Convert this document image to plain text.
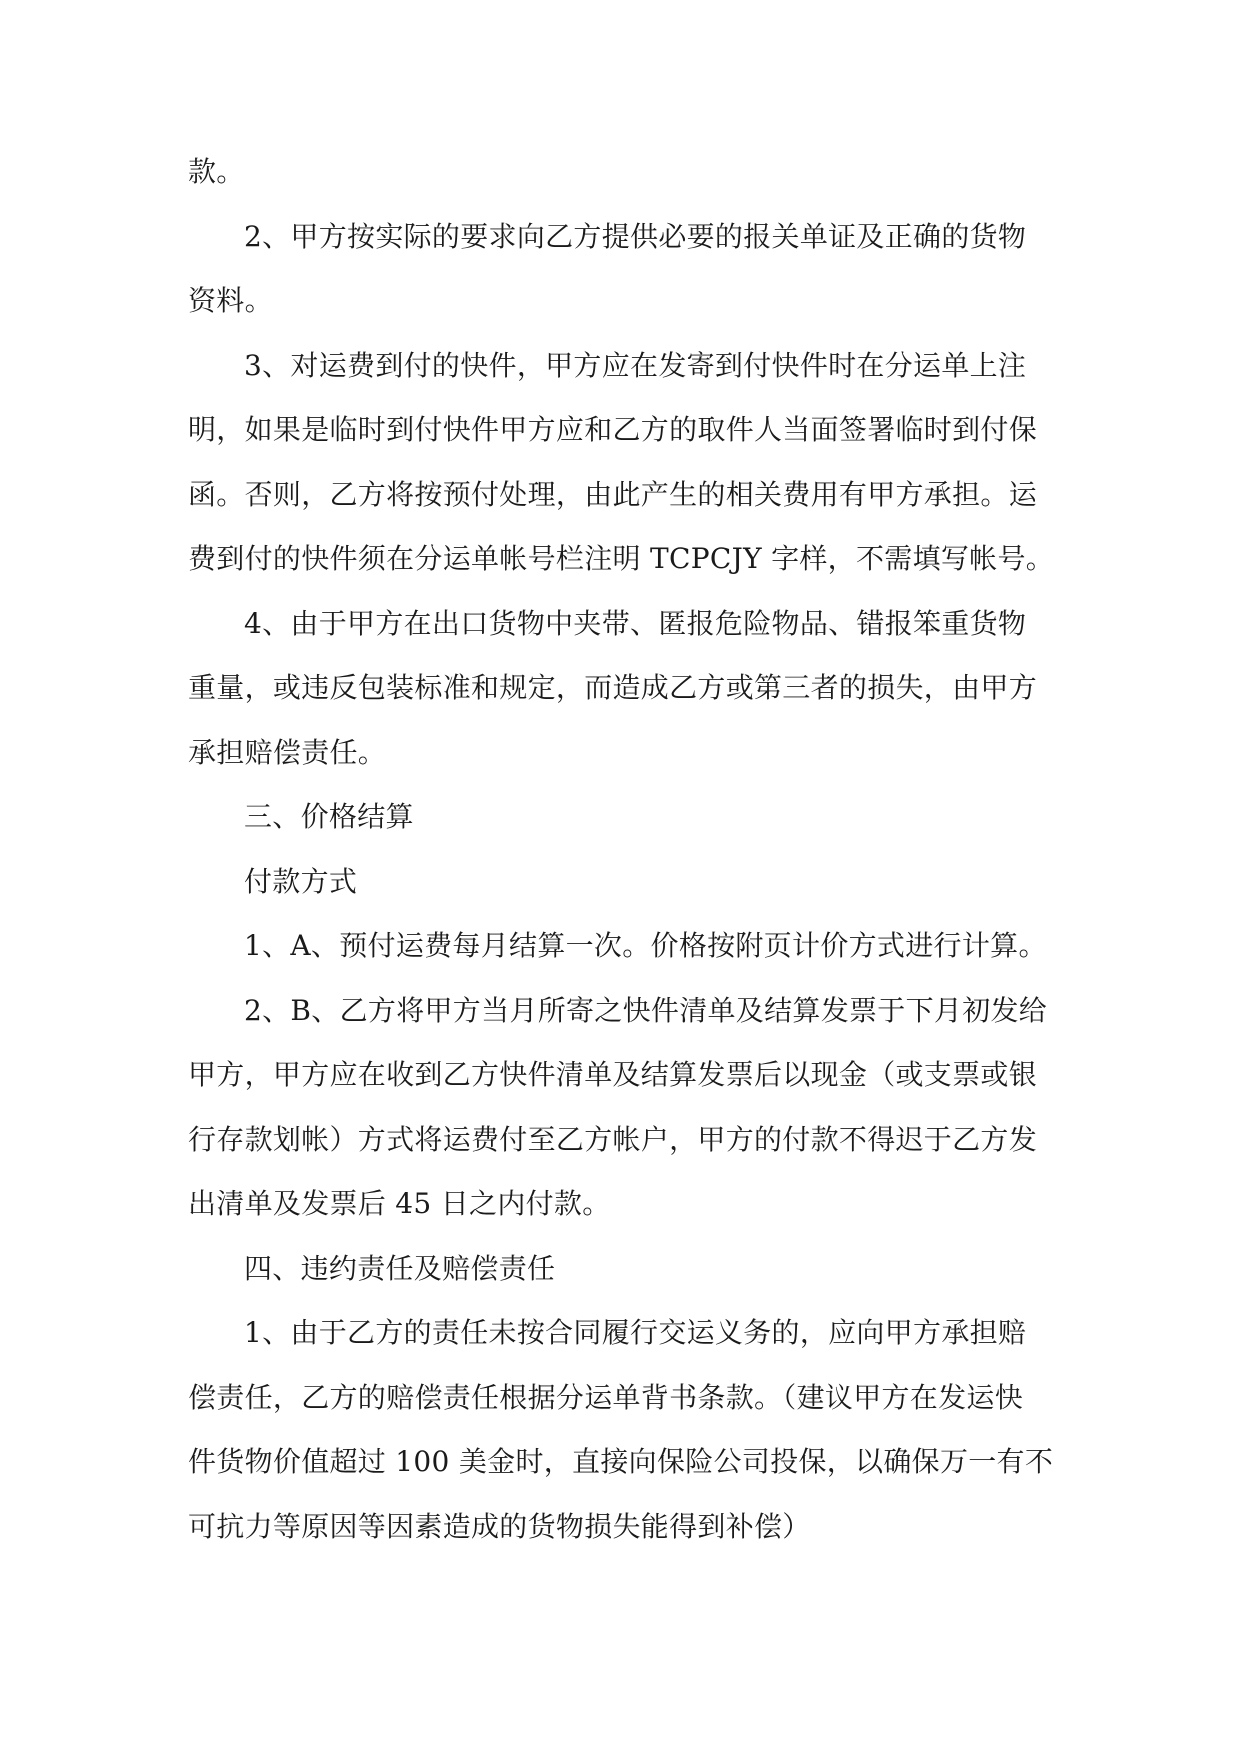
款。
2、甲方按实际的要求向乙方提供必要的报关单证及正确的货物
资料。
3、对运费到付的快件，甲方应在发寄到付快件时在分运单上注
明，如果是临时到付快件甲方应和乙方的取件人当面签署临时到付保
函。否则，乙方将按预付处理，由此产生的相关费用有甲方承担。运
费到付的快件须在分运单帐号栏注明 TCPCJY 字样，不需填写帐号。
4、由于甲方在出口货物中夹带、匿报危险物品、错报笨重货物
重量，或违反包装标准和规定，而造成乙方或第三者的损失，由甲方
承担赔偿责任。
三、价格结算
付款方式
1、A、预付运费每月结算一次。价格按附页计价方式进行计算。
2、B、乙方将甲方当月所寄之快件清单及结算发票于下月初发给
甲方，甲方应在收到乙方快件清单及结算发票后以现金（或支票或银
行存款划帐）方式将运费付至乙方帐户，甲方的付款不得迟于乙方发
出清单及发票后 45 日之内付款。
四、违约责任及赔偿责任
1、由于乙方的责任未按合同履行交运义务的，应向甲方承担赔
偿责任，乙方的赔偿责任根据分运单背书条款。（建议甲方在发运快
件货物价值超过 100 美金时，直接向保险公司投保，以确保万一有不
可抗力等原因等因素造成的货物损失能得到补偿）
